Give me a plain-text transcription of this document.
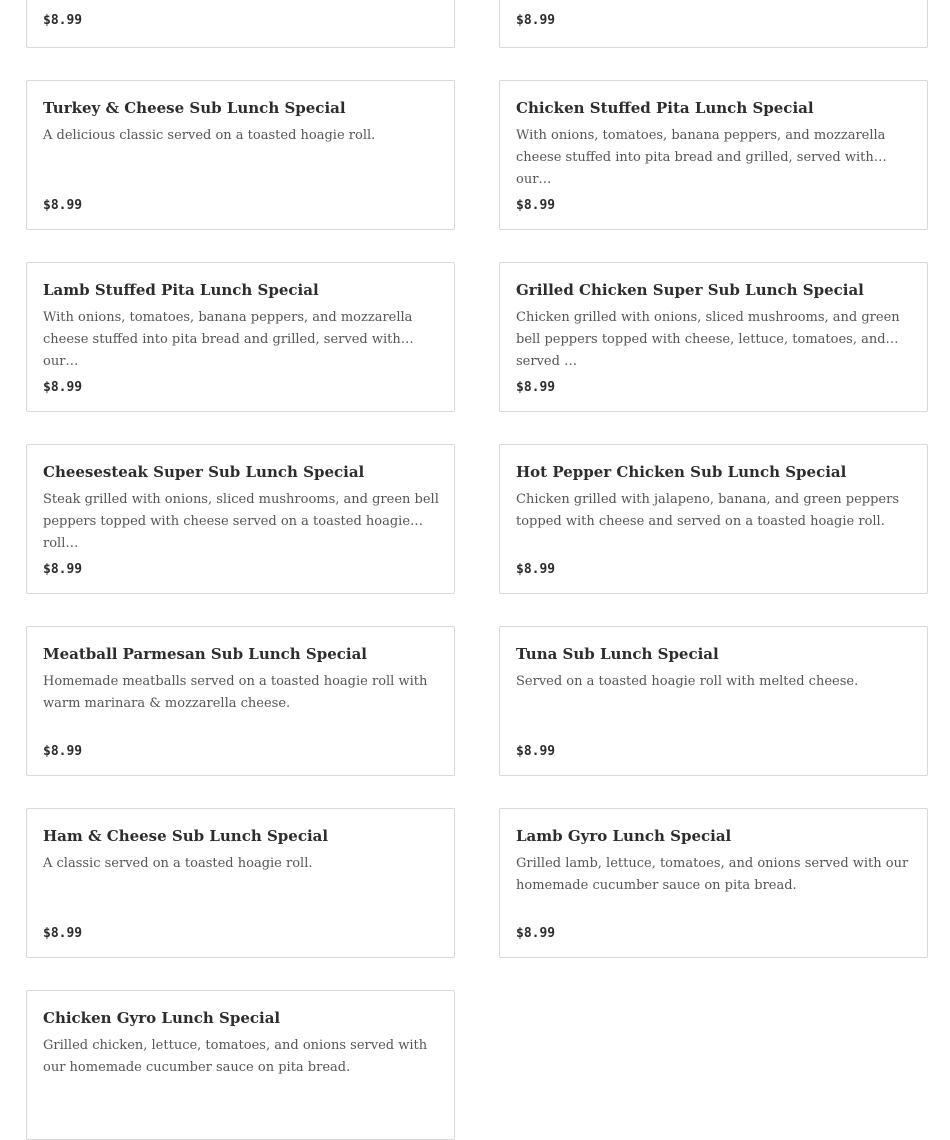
$8.99	$8.99
Turkey & Cheese Sub Lunch Special
A delicious classic served on a toasted hoagie roll.
$8.99
Chicken Stuffed Pita Lunch Special
With onions, tomatoes, banana peppers, and mozzarella cheese stuffed into pita bread and grilled, served with our…
$8.99
Lamb Stuffed Pita Lunch Special
With onions, tomatoes, banana peppers, and mozzarella cheese stuffed into pita bread and grilled, served with our…
$8.99
Grilled Chicken Super Sub Lunch Special
Chicken grilled with onions, sliced mushrooms, and green bell peppers topped with cheese, lettuce, tomatoes, and served …
$8.99
Cheesesteak Super Sub Lunch Special
Steak grilled with onions, sliced mushrooms, and green bell peppers topped with cheese served on a toasted hoagie roll…
$8.99
Hot Pepper Chicken Sub Lunch Special
Chicken grilled with jalapeno, banana, and green peppers topped with cheese and served on a toasted hoagie roll.
$8.99
Meatball Parmesan Sub Lunch Special
Homemade meatballs served on a toasted hoagie roll with warm marinara & mozzarella cheese.
$8.99
Tuna Sub Lunch Special
Served on a toasted hoagie roll with melted cheese.
$8.99
Ham & Cheese Sub Lunch Special
A classic served on a toasted hoagie roll.
$8.99
Lamb Gyro Lunch Special
Grilled lamb, lettuce, tomatoes, and onions served with our homemade cucumber sauce on pita bread.
$8.99
Chicken Gyro Lunch Special
Grilled chicken, lettuce, tomatoes, and onions served with our homemade cucumber sauce on pita bread.
